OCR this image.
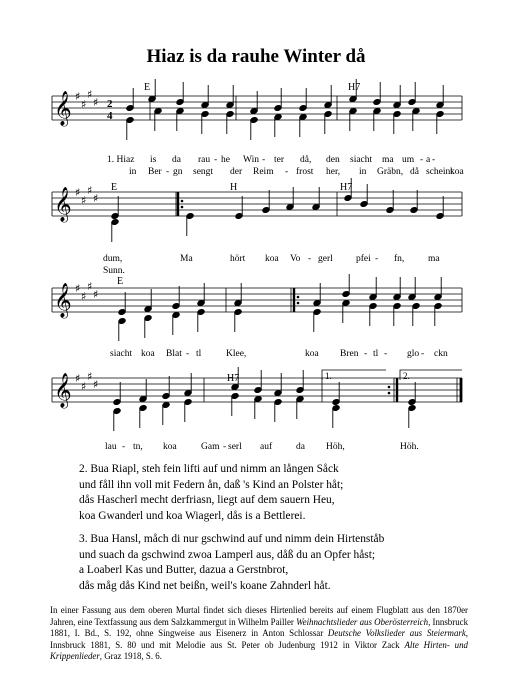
Hiaz is da rauhe Winter då
𝄞 ♯
♯
♯
♯ 2
4
E	H7
1. Hiaz is da rau - he Win - ter då, den siacht ma um - a -
in Ber - gn sengt der Reim - frost her, in Gräbn, då scheint
koa
𝄞 ♯
♯
♯
♯
E	H	H7
dum,	Ma	hört koa Vo - gerl pfei - fn, ma
Sunn.
𝄞 ♯
♯
♯
♯
E
siacht koa Blat - tl	Klee,	koa Bren - tl - glo - ckn
𝄞 ♯
♯
♯
♯	H7	1.	2.
lau - tn, koa	Gam - serl auf	da Höh,	Höh.
2. Bua Riapl, steh fein lifti auf und nimm an lången Såck
und fåll ihn voll mit Federn ån, daß 's Kind an Polster håt;
dås Hascherl mecht derfriasn, liegt auf dem sauern Heu,
koa Gwanderl und koa Wiagerl, dås is a Bettlerei.
3. Bua Hansl, måch di nur gschwind auf und nimm dein Hirtenståb
und suach da gschwind zwoa Lamperl aus, dåß du an Opfer håst;
a Loaberl Kas und Butter, dazua a Gerstnbrot,
dås måg dås Kind net beißn, weil's koane Zahnderl håt.
In einer Fassung aus dem oberen Murtal findet sich dieses Hirtenlied bereits auf einem Flugblatt aus den 1870er Jahren, eine Textfassung aus dem Salzkammergut in Wilhelm Pailler Weihnachtslieder aus Oberösterreich, Innsbruck 1881, I. Bd., S. 192, ohne Singweise aus Eisenerz in Anton Schlossar Deutsche Volkslieder aus Steiermark, Innsbruck 1881, S. 80 und mit Melodie aus St. Peter ob Judenburg 1912 in Viktor Zack Alte Hirten- und Krippenlieder, Graz 1918, S. 6.
